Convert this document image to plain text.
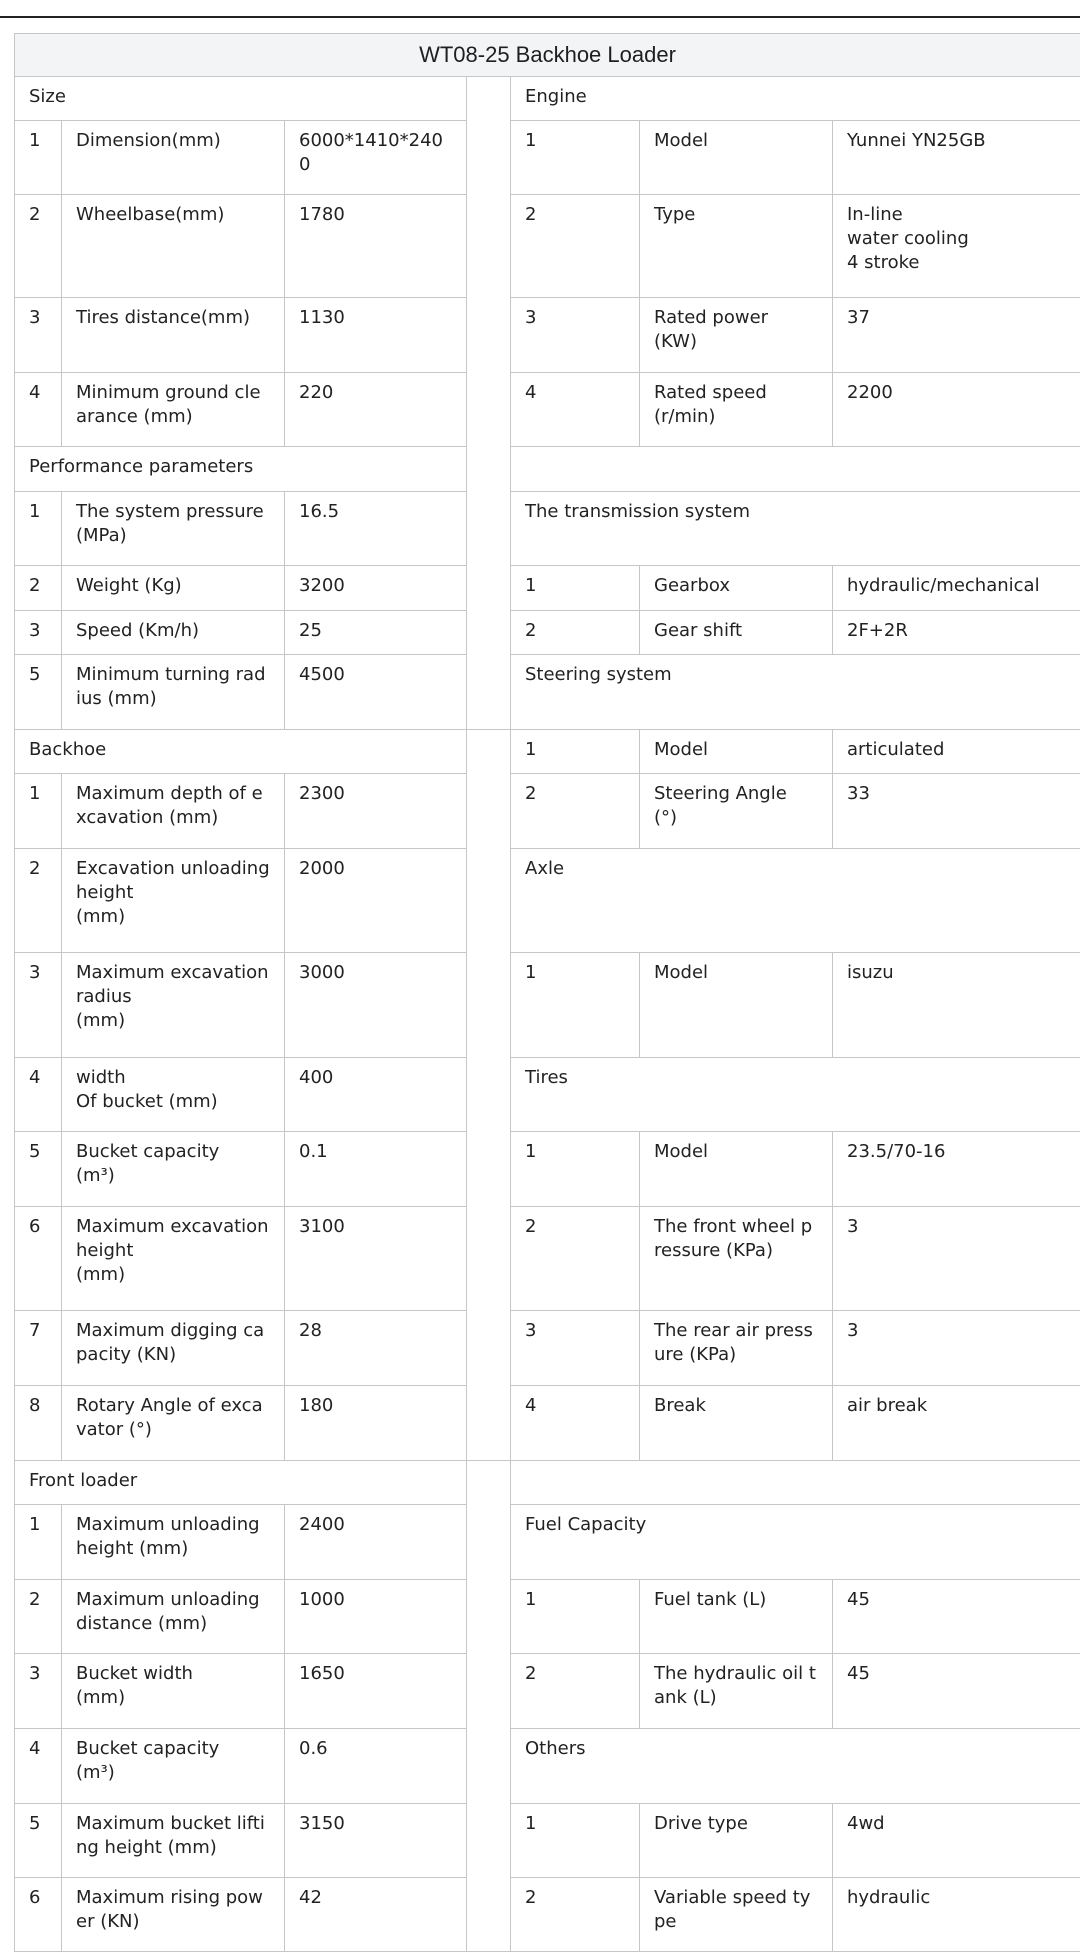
WT08-25 Backhoe Loader						
Size				Engine		
1	Dimension(mm)	6000*1410*2400		1	Model	Yunnei YN25GB
2	Wheelbase(mm)	1780		2	Type	In-line
water cooling
4 stroke
3	Tires distance(mm)	1130		3	Rated power
(KW)	37
4	Minimum ground clearance (mm)	220		4	Rated speed
(r/min)	2200
Performance parameters						
1	The system pressure (MPa)	16.5		The transmission system		
2	Weight (Kg)	3200		1	Gearbox	hydraulic/mechanical
3	Speed (Km/h)	25		2	Gear shift	2F+2R
5	Minimum turning radius (mm)	4500		Steering system		
Backhoe				1	Model	articulated
1	Maximum depth of excavation (mm)	2300		2	Steering Angle
(°)	33
2	Excavation unloading height
(mm)	2000		Axle		
3	Maximum excavation radius
(mm)	3000		1	Model	isuzu
4	width
Of bucket (mm)	400		Tires		
5	Bucket capacity
(m³)	0.1		1	Model	23.5/70-16
6	Maximum excavation height
(mm)	3100		2	The front wheel pressure (KPa)	3
7	Maximum digging capacity (KN)	28		3	The rear air pressure (KPa)	3
8	Rotary Angle of excavator (°)	180		4	Break	air break
Front loader						
1	Maximum unloading height (mm)	2400		Fuel Capacity		
2	Maximum unloading distance (mm)	1000		1	Fuel tank (L)	45
3	Bucket width
(mm)	1650		2	The hydraulic oil tank (L)	45
4	Bucket capacity
(m³)	0.6		Others		
5	Maximum bucket lifting height (mm)	3150		1	Drive type	4wd
6	Maximum rising power (KN)	42		2	Variable speed type	hydraulic
